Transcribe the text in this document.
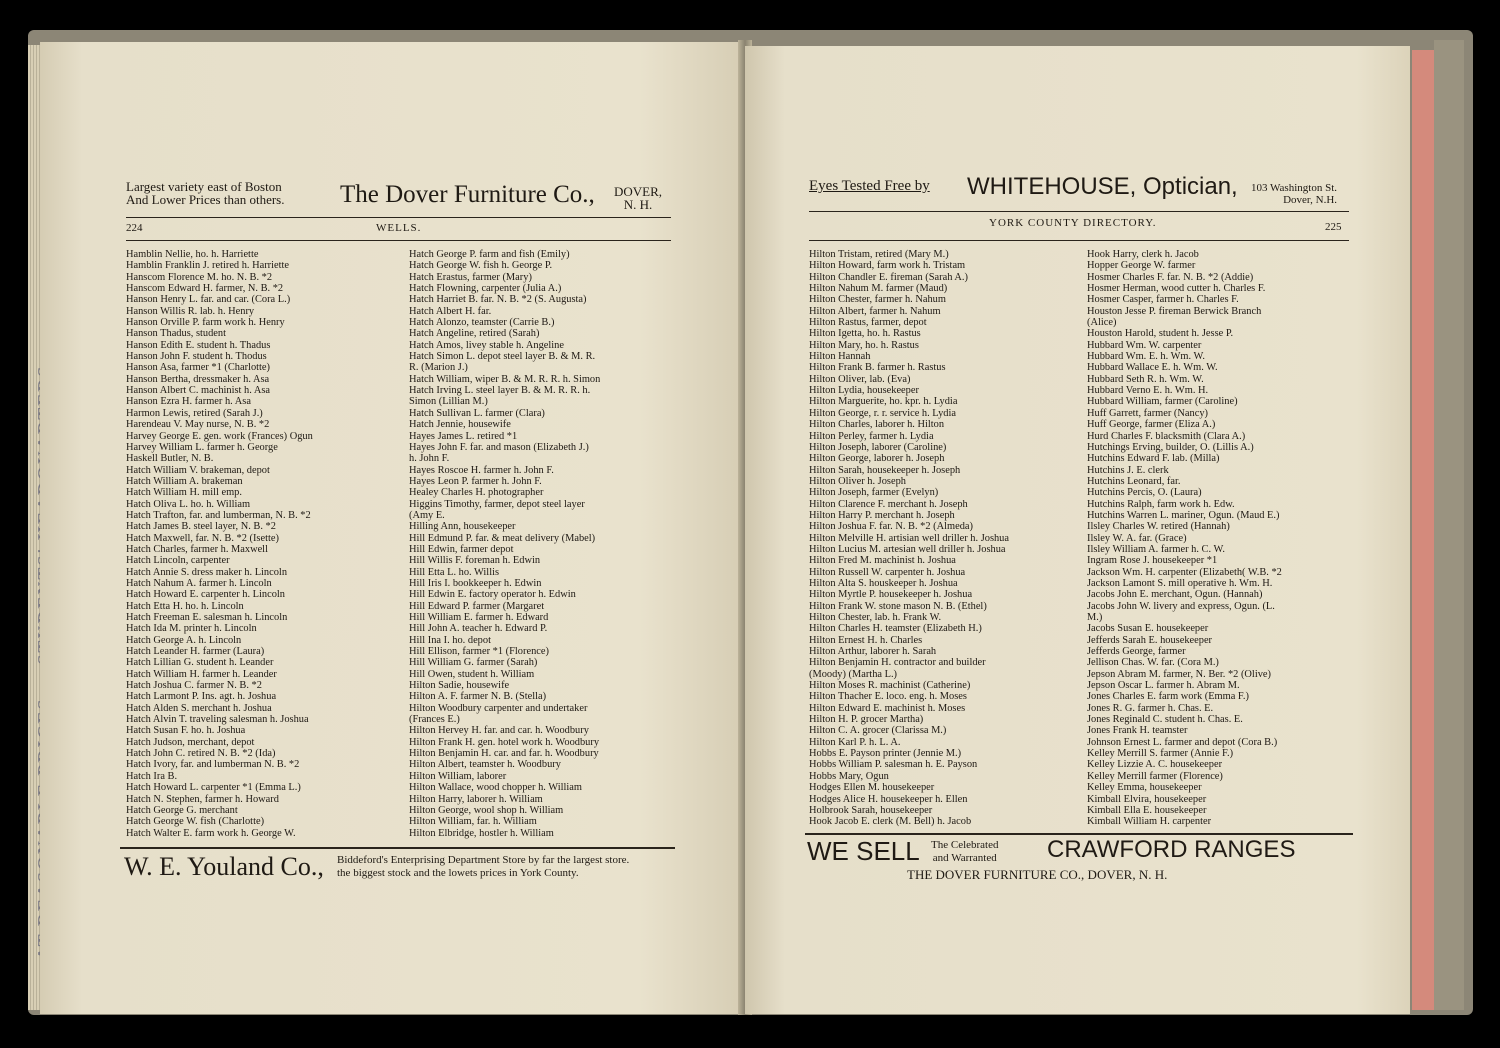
Largest variety east of Boston
And Lower Prices than others. The Dover Furniture Co., DOVER,
N. H.
224	WELLS.
Hamblin Nellie, ho. h. Harriette
Hamblin Franklin J. retired h. Harriette
Hanscom Florence M. ho. N. B. *2
Hanscom Edward H. farmer, N. B. *2
Hanson Henry L. far. and car. (Cora L.)
Hanson Willis R. lab. h. Henry
Hanson Orville P. farm work h. Henry
Hanson Thadus, student
Hanson Edith E. student h. Thadus
Hanson John F. student h. Thodus
Hanson Asa, farmer *1 (Charlotte)
Hanson Bertha, dressmaker h. Asa
Hanson Albert C. machinist h. Asa
Hanson Ezra H. farmer h. Asa
Harmon Lewis, retired (Sarah J.)
Harendeau V. May nurse, N. B. *2
Harvey George E. gen. work (Frances) Ogun
Harvey William L. farmer h. George
Haskell Butler, N. B.
Hatch William V. brakeman, depot
Hatch William A. brakeman
Hatch William H. mill emp.
Hatch Oliva L. ho. h. William
Hatch Trafton, far. and lumberman, N. B. *2
Hatch James B. steel layer, N. B. *2
Hatch Maxwell, far. N. B. *2 (Isette)
Hatch Charles, farmer h. Maxwell
Hatch Lincoln, carpenter
Hatch Annie S. dress maker h. Lincoln
Hatch Nahum A. farmer h. Lincoln
Hatch Howard E. carpenter h. Lincoln
Hatch Etta H. ho. h. Lincoln
Hatch Freeman E. salesman h. Lincoln
Hatch Ida M. printer h. Lincoln
Hatch George A. h. Lincoln
Hatch Leander H. farmer (Laura)
Hatch Lillian G. student h. Leander
Hatch William H. farmer h. Leander
Hatch Joshua C. farmer N. B. *2
Hatch Larmont P. Ins. agt. h. Joshua
Hatch Alden S. merchant h. Joshua
Hatch Alvin T. traveling salesman h. Joshua
Hatch Susan F. ho. h. Joshua
Hatch Judson, merchant, depot
Hatch John C. retired N. B. *2 (Ida)
Hatch Ivory, far. and lumberman N. B. *2
Hatch Ira B.
Hatch Howard L. carpenter *1 (Emma L.)
Hatch N. Stephen, farmer h. Howard
Hatch George G. merchant
Hatch George W. fish (Charlotte)
Hatch Walter E. farm work h. George W.
Hatch George P. farm and fish (Emily)
Hatch George W. fish h. George P.
Hatch Erastus, farmer (Mary)
Hatch Flowning, carpenter (Julia A.)
Hatch Harriet B. far. N. B. *2 (S. Augusta)
Hatch Albert H. far.
Hatch Alonzo, teamster (Carrie B.)
Hatch Angeline, retired (Sarah)
Hatch Amos, livey stable h. Angeline
Hatch Simon L. depot steel layer B. & M. R.
R. (Marion J.)
Hatch William, wiper B. & M. R. R. h. Simon
Hatch Irving L. steel layer B. & M. R. R. h.
Simon (Lillian M.)
Hatch Sullivan L. farmer (Clara)
Hatch Jennie, housewife
Hayes James L. retired *1
Hayes John F. far. and mason (Elizabeth J.)
h. John F.
Hayes Roscoe H. farmer h. John F.
Hayes Leon P. farmer h. John F.
Healey Charles H. photographer
Higgins Timothy, farmer, depot steel layer
(Amy E.
Hilling Ann, housekeeper
Hill Edmund P. far. & meat delivery (Mabel)
Hill Edwin, farmer depot
Hill Willis F. foreman h. Edwin
Hill Etta L. ho. Willis
Hill Iris I. bookkeeper h. Edwin
Hill Edwin E. factory operator h. Edwin
Hill Edward P. farmer (Margaret
Hill William E. farmer h. Edward
Hill John A. teacher h. Edward P.
Hill Ina I. ho. depot
Hill Ellison, farmer *1 (Florence)
Hill William G. farmer (Sarah)
Hill Owen, student h. William
Hilton Sadie, housewife
Hilton A. F. farmer N. B. (Stella)
Hilton Woodbury carpenter and undertaker
(Frances E.)
Hilton Hervey H. far. and car. h. Woodbury
Hilton Frank H. gen. hotel work h. Woodbury
Hilton Benjamin H. car. and far. h. Woodbury
Hilton Albert, teamster h. Woodbury
Hilton William, laborer
Hilton Wallace, wood chopper h. William
Hilton Harry, laborer h. William
Hilton George, wool shop h. William
Hilton William, far. h. William
Hilton Elbridge, hostler h. William
W. E. Youland Co., Biddeford's Enterprising Department Store by far the largest store.
the biggest stock and the lowets prices in York County.
Eyes Tested Free by WHITEHOUSE, Optician, 103 Washington St.
Dover, N.H.
YORK COUNTY DIRECTORY.	225
Hilton Tristam, retired (Mary M.)
Hilton Howard, farm work h. Tristam
Hilton Chandler E. fireman (Sarah A.)
Hilton Nahum M. farmer (Maud)
Hilton Chester, farmer h. Nahum
Hilton Albert, farmer h. Nahum
Hilton Rastus, farmer, depot
Hilton Igetta, ho. h. Rastus
Hilton Mary, ho. h. Rastus
Hilton Hannah
Hilton Frank B. farmer h. Rastus
Hilton Oliver, lab. (Eva)
Hilton Lydia, housekeeper
Hilton Marguerite, ho. kpr. h. Lydia
Hilton George, r. r. service h. Lydia
Hilton Charles, laborer h. Hilton
Hilton Perley, farmer h. Lydia
Hilton Joseph, laborer (Caroline)
Hilton George, laborer h. Joseph
Hilton Sarah, housekeeper h. Joseph
Hilton Oliver h. Joseph
Hilton Joseph, farmer (Evelyn)
Hilton Clarence F. merchant h. Joseph
Hilton Harry P. merchant h. Joseph
Hilton Joshua F. far. N. B. *2 (Almeda)
Hilton Melville H. artisian well driller h. Joshua
Hilton Lucius M. artesian well driller h. Joshua
Hilton Fred M. machinist h. Joshua
Hilton Russell W. carpenter h. Joshua
Hilton Alta S. houskeeper h. Joshua
Hilton Myrtle P. housekeeper h. Joshua
Hilton Frank W. stone mason N. B. (Ethel)
Hilton Chester, lab. h. Frank W.
Hilton Charles H. teamster (Elizabeth H.)
Hilton Ernest H. h. Charles
Hilton Arthur, laborer h. Sarah
Hilton Benjamin H. contractor and builder
(Moody) (Martha L.)
Hilton Moses R. machinist (Catherine)
Hilton Thacher E. loco. eng. h. Moses
Hilton Edward E. machinist h. Moses
Hilton H. P. grocer Martha)
Hilton C. A. grocer (Clarissa M.)
Hilton Karl P. h. L. A.
Hobbs E. Payson printer (Jennie M.)
Hobbs William P. salesman h. E. Payson
Hobbs Mary, Ogun
Hodges Ellen M. housekeeper
Hodges Alice H. housekeeper h. Ellen
Holbrook Sarah, housekeeper
Hook Jacob E. clerk (M. Bell) h. Jacob
Hook Harry, clerk h. Jacob
Hopper George W. farmer
Hosmer Charles F. far. N. B. *2 (Addie)
Hosmer Herman, wood cutter h. Charles F.
Hosmer Casper, farmer h. Charles F.
Houston Jesse P. fireman Berwick Branch
(Alice)
Houston Harold, student h. Jesse P.
Hubbard Wm. W. carpenter
Hubbard Wm. E. h. Wm. W.
Hubbard Wallace E. h. Wm. W.
Hubbard Seth R. h. Wm. W.
Hubbard Verno E. h. Wm. H.
Hubbard William, farmer (Caroline)
Huff Garrett, farmer (Nancy)
Huff George, farmer (Eliza A.)
Hurd Charles F. blacksmith (Clara A.)
Hutchings Erving, builder, O. (Lillis A.)
Hutchins Edward F. lab. (Milla)
Hutchins J. E. clerk
Hutchins Leonard, far.
Hutchins Percis, O. (Laura)
Hutchins Ralph, farm work h. Edw.
Hutchins Warren L. mariner, Ogun. (Maud E.)
Ilsley Charles W. retired (Hannah)
Ilsley W. A. far. (Grace)
Ilsley William A. farmer h. C. W.
Ingram Rose J. housekeeper *1
Jackson Wm. H. carpenter (Elizabeth( W.B. *2
Jackson Lamont S. mill operative h. Wm. H.
Jacobs John E. merchant, Ogun. (Hannah)
Jacobs John W. livery and express, Ogun. (L.
M.)
Jacobs Susan E. housekeeper
Jefferds Sarah E. housekeeper
Jefferds George, farmer
Jellison Chas. W. far. (Cora M.)
Jepson Abram M. farmer, N. Ber. *2 (Olive)
Jepson Oscar L. farmer h. Abram M.
Jones Charles E. farm work (Emma F.)
Jones R. G. farmer h. Chas. E.
Jones Reginald C. student h. Chas. E.
Jones Frank H. teamster
Johnson Ernest L. farmer and depot (Cora B.)
Kelley Merrill S. farmer (Annie F.)
Kelley Lizzie A. C. housekeeper
Kelley Merrill farmer (Florence)
Kelley Emma, housekeeper
Kimball Elvira, housekeeper
Kimball Ella E. housekeeper
Kimball William H. carpenter
WE SELL The Celebrated
and Warranted CRAWFORD RANGES
THE DOVER FURNITURE CO., DOVER, N. H.
